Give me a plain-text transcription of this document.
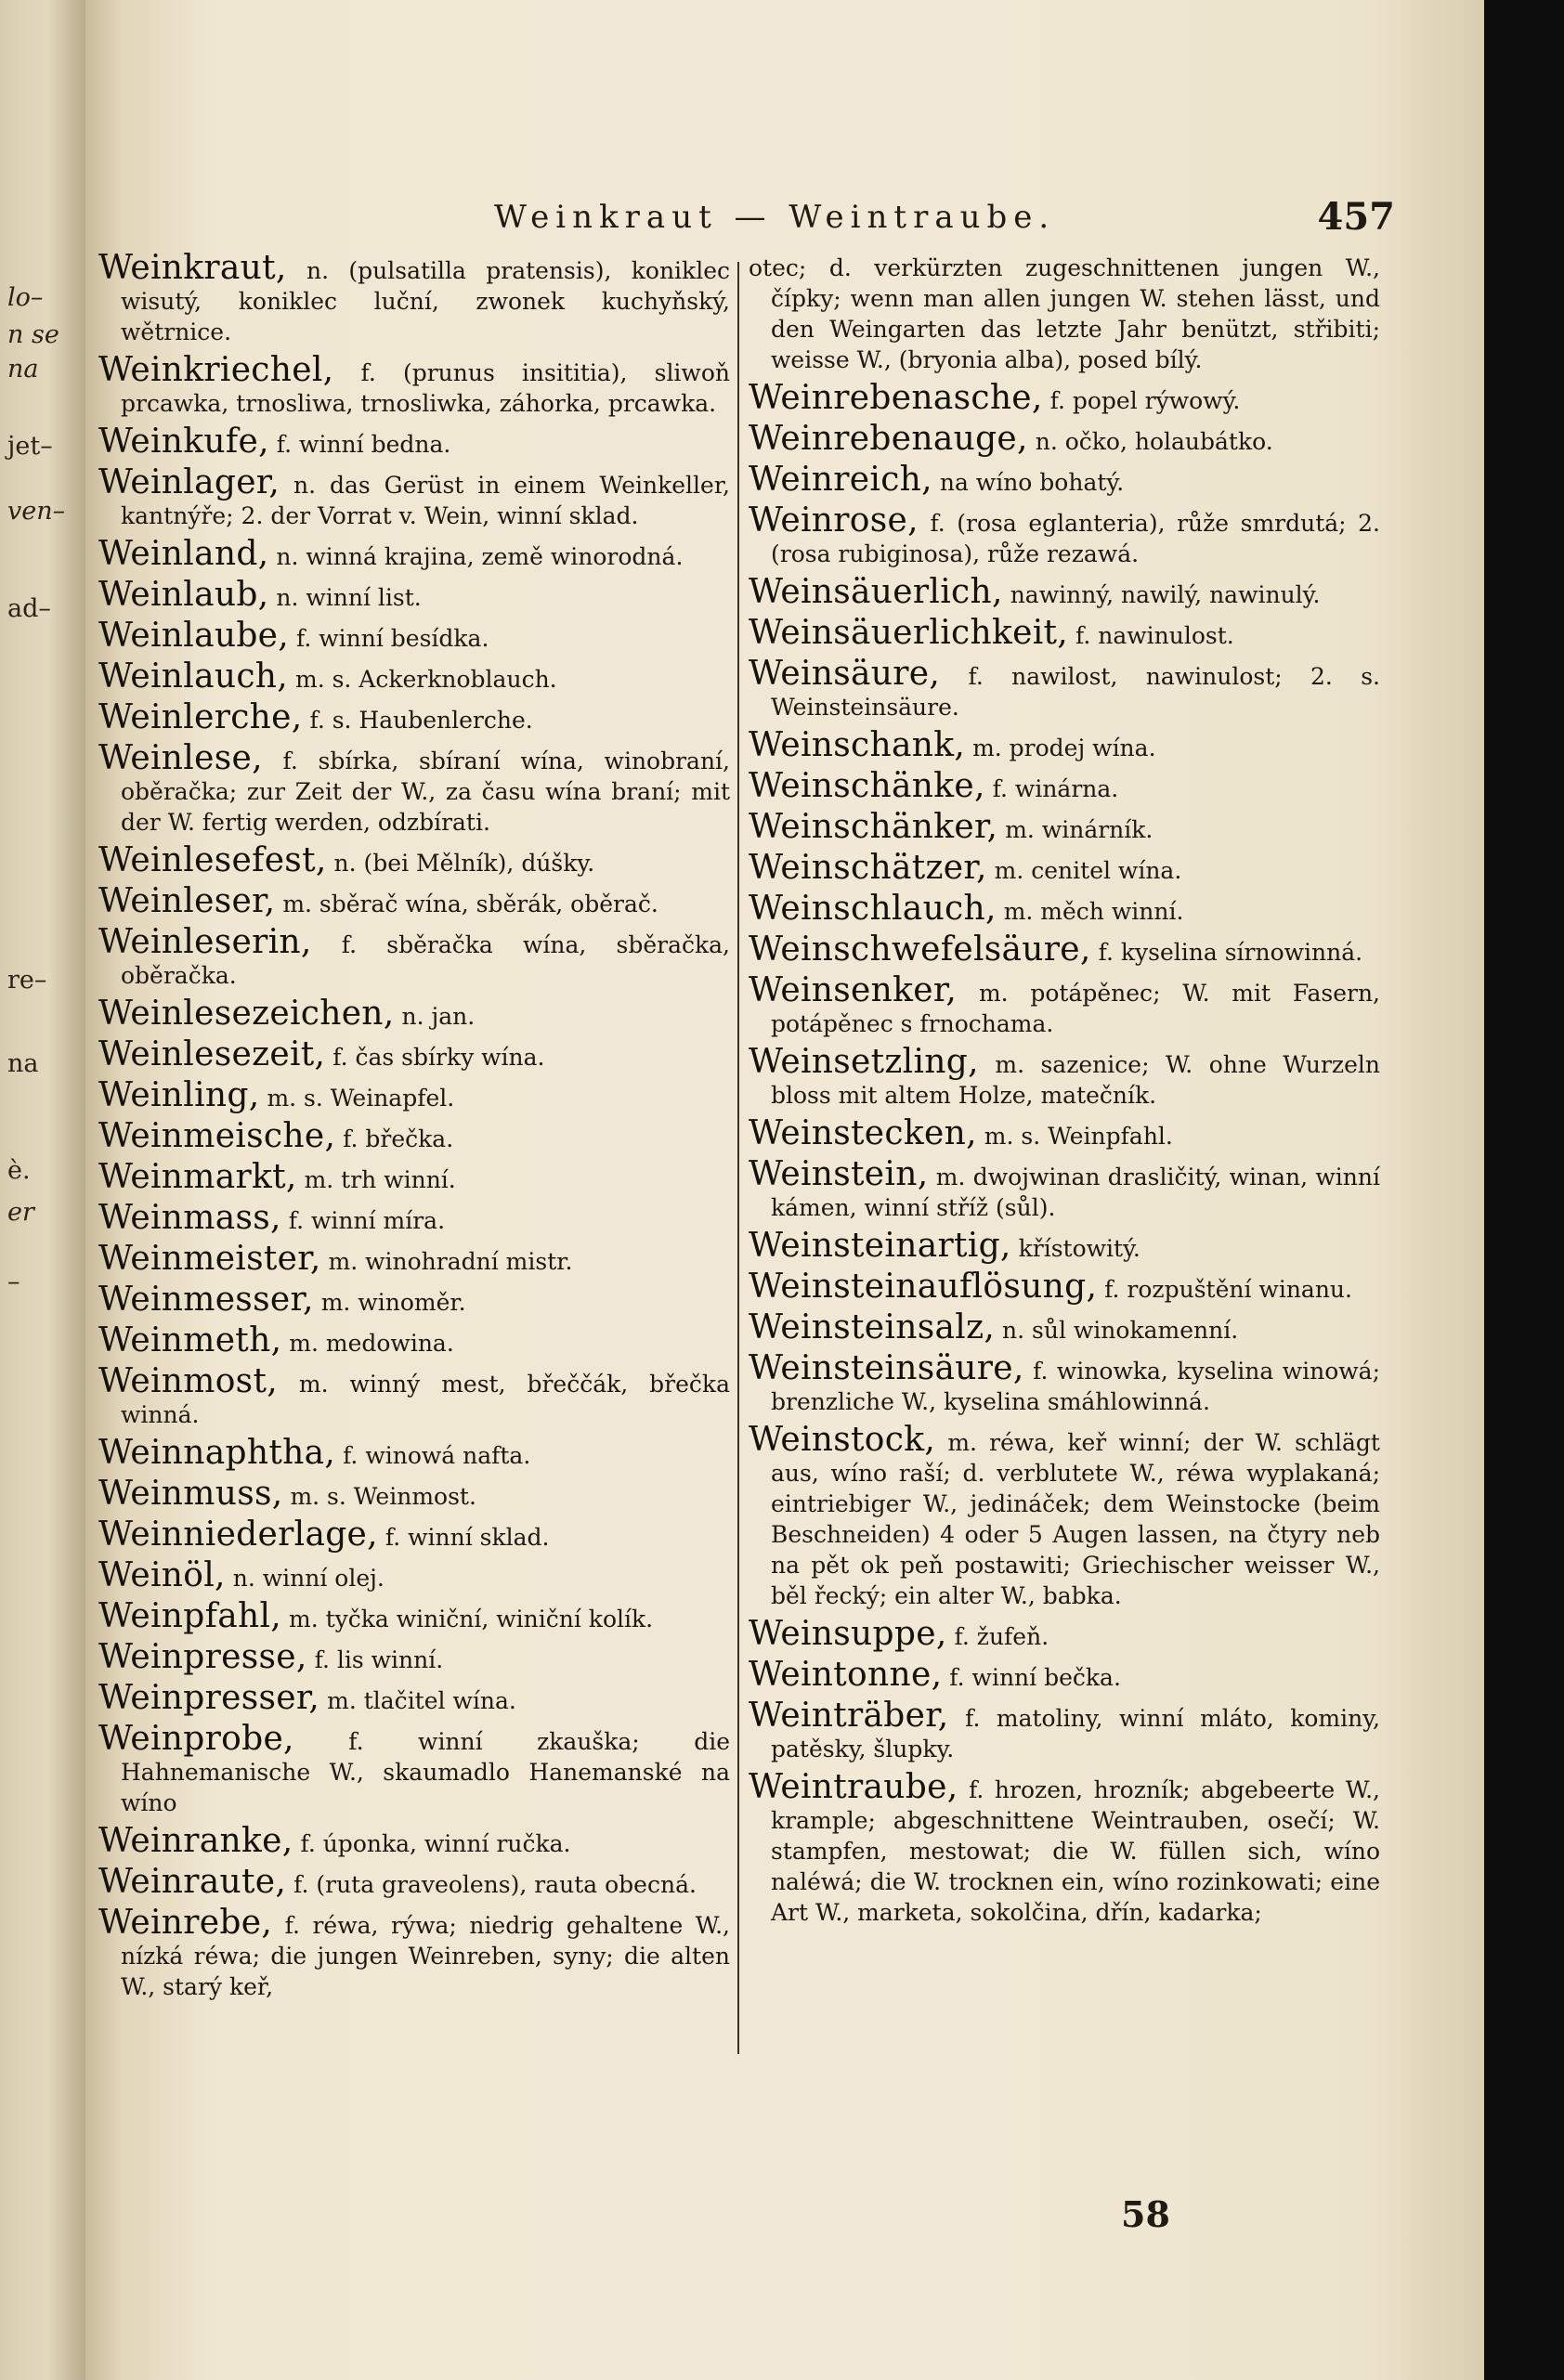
lo–
n se
na
jet–
ven–
ad–
re–
na
è.
er
–
Weinkraut — Weintraube.	457

Weinkraut, n. (pulsatilla pratensis), koniklec wisutý, koniklec luční, zwonek kuchyňský, wětrnice.

Weinkriechel, f. (prunus insititia), sliwoň prcawka, trnosliwa, trnosliwka, záhorka, prcawka.

Weinkufe, f. winní bedna.

Weinlager, n. das Gerüst in einem Weinkeller, kantnýře; 2. der Vorrat v. Wein, winní sklad.

Weinland, n. winná krajina, země winorodná.

Weinlaub, n. winní list.

Weinlaube, f. winní besídka.

Weinlauch, m. s. Ackerknoblauch.

Weinlerche, f. s. Haubenlerche.

Weinlese, f. sbírka, sbíraní wína, winobraní, oběračka; zur Zeit der W., za času wína braní; mit der W. fertig werden, odzbírati.

Weinlesefest, n. (bei Mělník), dúšky.

Weinleser, m. sběrač wína, sběrák, oběrač.

Weinleserin, f. sběračka wína, sběračka, oběračka.

Weinlesezeichen, n. jan.

Weinlesezeit, f. čas sbírky wína.

Weinling, m. s. Weinapfel.

Weinmeische, f. břečka.

Weinmarkt, m. trh winní.

Weinmass, f. winní míra.

Weinmeister, m. winohradní mistr.

Weinmesser, m. winoměr.

Weinmeth, m. medowina.

Weinmost, m. winný mest, břeččák, břečka winná.

Weinnaphtha, f. winowá nafta.

Weinmuss, m. s. Weinmost.

Weinniederlage, f. winní sklad.

Weinöl, n. winní olej.

Weinpfahl, m. tyčka winiční, winiční kolík.

Weinpresse, f. lis winní.

Weinpresser, m. tlačitel wína.

Weinprobe, f. winní zkauška; die Hahnemanische W., skaumadlo Hanemanské na wíno

Weinranke, f. úponka, winní ručka.

Weinraute, f. (ruta graveolens), rauta obecná.

Weinrebe, f. réwa, rýwa; niedrig gehaltene W., nízká réwa; die jungen Weinreben, syny; die alten W., starý keř,

otec; d. verkürzten zugeschnittenen jungen W., čípky; wenn man allen jungen W. stehen lässt, und den Weingarten das letzte Jahr benützt, střibiti; weisse W., (bryonia alba), posed bílý.

Weinrebenasche, f. popel rýwowý.

Weinrebenauge, n. očko, holaubátko.

Weinreich, na wíno bohatý.

Weinrose, f. (rosa eglanteria), růže smrdutá; 2. (rosa rubiginosa), růže rezawá.

Weinsäuerlich, nawinný, nawilý, nawinulý.

Weinsäuerlichkeit, f. nawinulost.

Weinsäure, f. nawilost, nawinulost; 2. s. Weinsteinsäure.

Weinschank, m. prodej wína.

Weinschänke, f. winárna.

Weinschänker, m. winárník.

Weinschätzer, m. cenitel wína.

Weinschlauch, m. měch winní.

Weinschwefelsäure, f. kyselina sírnowinná.

Weinsenker, m. potápěnec; W. mit Fasern, potápěnec s frnochama.

Weinsetzling, m. sazenice; W. ohne Wurzeln bloss mit altem Holze, matečník.

Weinstecken, m. s. Weinpfahl.

Weinstein, m. dwojwinan drasličitý, winan, winní kámen, winní stříž (sůl).

Weinsteinartig, křístowitý.

Weinsteinauflösung, f. rozpuštění winanu.

Weinsteinsalz, n. sůl winokamenní.

Weinsteinsäure, f. winowka, kyselina winowá; brenzliche W., kyselina smáhlowinná.

Weinstock, m. réwa, keř winní; der W. schlägt aus, wíno raší; d. verblutete W., réwa wyplakaná; eintriebiger W., jedináček; dem Weinstocke (beim Beschneiden) 4 oder 5 Augen lassen, na čtyry neb na pět ok peň postawiti; Griechischer weisser W., běl řecký; ein alter W., babka.

Weinsuppe, f. žufeň.

Weintonne, f. winní bečka.

Weinträber, f. matoliny, winní mláto, kominy, patěsky, šlupky.

Weintraube, f. hrozen, hrozník; abgebeerte W., krample; abgeschnittene Weintrauben, osečí; W. stampfen, mestowat; die W. füllen sich, wíno naléwá; die W. trocknen ein, wíno rozinkowati; eine Art W., marketa, sokolčina, dřín, kadarka;

58
